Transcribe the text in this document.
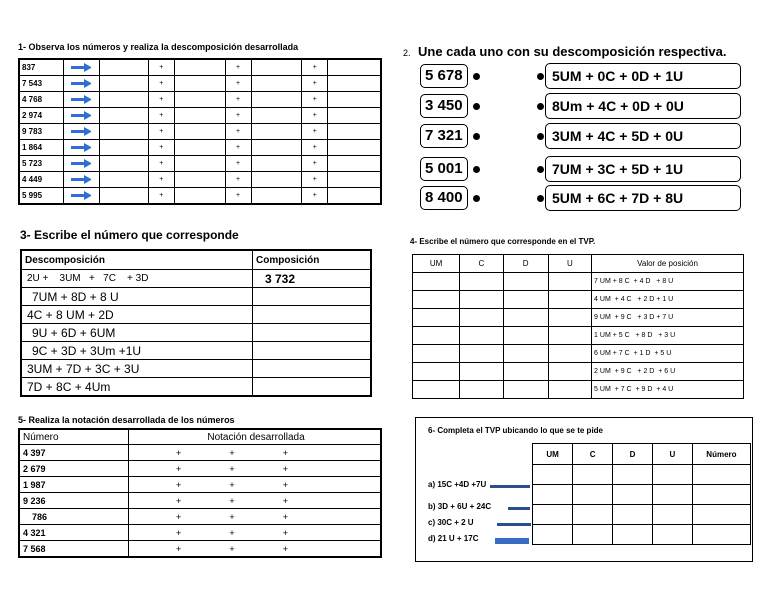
1- Observa los números y realiza la descomposición desarrollada
837			+		+		+	
7 543			+		+		+	
4 768			+		+		+	
2 974			+		+		+	
9 783			+		+		+	
1 864			+		+		+	
5 723			+		+		+	
4 449			+		+		+	
5 995			+		+		+	
2. Une cada uno con su descomposición respectiva.
5 678	5UM + 0C + 0D + 1U
3 450	8Um + 4C + 0D + 0U
7 321	3UM + 4C + 5D + 0U
5 001	7UM + 3C + 5D + 1U
8 400	5UM + 6C + 7D + 8U
3- Escribe el número que corresponde
Descomposición	Composición
2U +    3UM   +   7C    + 3D	3 732
7UM + 8D + 8 U	
4C + 8 UM + 2D	
9U + 6D + 6UM	
9C + 3D + 3Um +1U	
3UM + 7D + 3C + 3U	
7D + 8C + 4Um	
4- Escribe el número que corresponde en el TVP.
UM	C	D	U	Valor de posición
				7 UM + 8 C  + 4 D   + 8 U
				4 UM  + 4 C   + 2 D + 1 U
				9 UM  + 9 C   + 3 D + 7 U
				1 UM + 5 C   + 8 D   + 3 U
				6 UM + 7 C  + 1 D  + 5 U
				2 UM  + 9 C   + 2 D  + 6 U
				5 UM  + 7 C  + 9 D  + 4 U
5- Realiza la notación desarrollada de los números
Número	Notación desarrollada
4 397	+ + +

2 679	+ + +

1 987	+ + +

9 236	+ + +

786	+ + +

4 321	+ + +

7 568	+ + +
6- Completa el TVP ubicando lo que se te pide
UM	C	D	U	Número

a) 15C +4D +7U
b) 3D + 6U + 24C
c) 30C + 2 U
d) 21 U + 17C
